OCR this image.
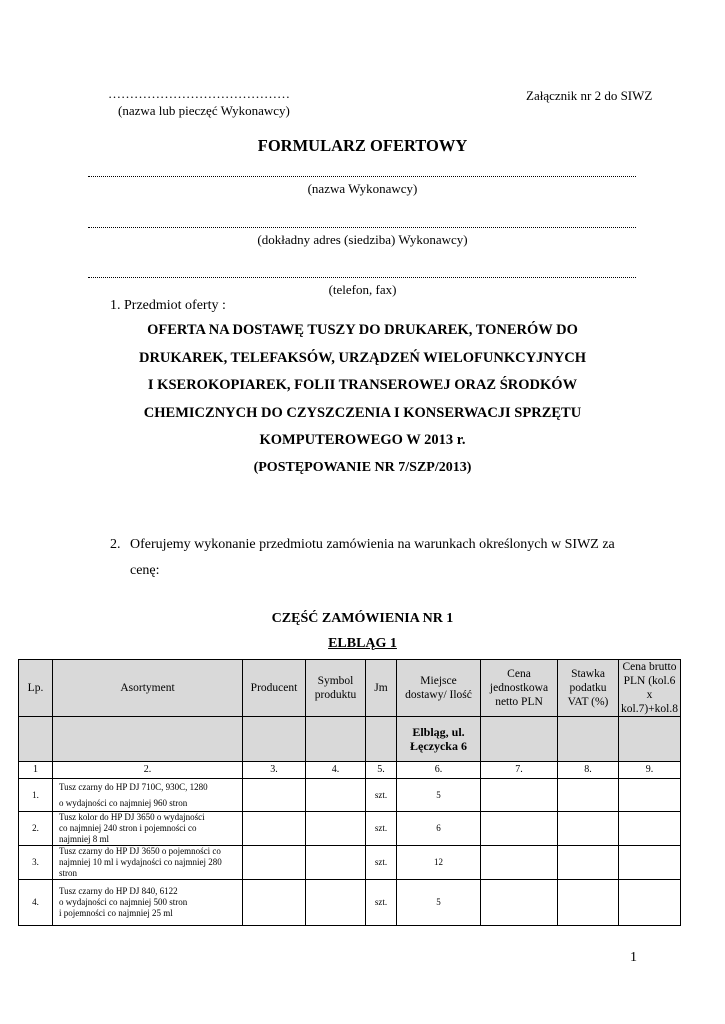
……………………………………
(nazwa lub pieczęć Wykonawcy)
Załącznik nr 2 do SIWZ
FORMULARZ OFERTOWY
(nazwa Wykonawcy)
(dokładny adres (siedziba) Wykonawcy)
(telefon, fax)
1. Przedmiot oferty :
OFERTA NA DOSTAWĘ TUSZY DO DRUKAREK, TONERÓW DO
DRUKAREK, TELEFAKSÓW, URZĄDZEŃ WIELOFUNKCYJNYCH
I KSEROKOPIAREK, FOLII TRANSEROWEJ ORAZ ŚRODKÓW
CHEMICZNYCH DO CZYSZCZENIA I KONSERWACJI SPRZĘTU
KOMPUTEROWEGO W 2013 r.
(POSTĘPOWANIE NR 7/SZP/2013)
2. Oferujemy wykonanie przedmiotu zamówienia na warunkach określonych w SIWZ za
cenę:
CZĘŚĆ ZAMÓWIENIA NR 1
ELBLĄG 1
Lp.	Asortyment	Producent	Symbol produktu	Jm	Miejsce dostawy/ Ilość	Cena jednostkowa netto PLN	Stawka podatku VAT (%)	Cena brutto PLN (kol.6 x kol.7)+kol.8
					Elbląg, ul. Łęczycka 6			
1	2.	3.	4.	5.	6.	7.	8.	9.
1.	Tusz czarny do HP DJ 710C, 930C, 1280
o wydajności co najmniej 960 stron			szt.	5			
2.	Tusz kolor do HP DJ 3650 o wydajności
co najmniej 240 stron i pojemności co
najmniej 8 ml			szt.	6			
3.	Tusz czarny do HP DJ 3650 o pojemności co
najmniej 10 ml i wydajności co najmniej 280
stron			szt.	12			
4.	Tusz czarny do HP DJ 840, 6122
o wydajności co najmniej 500 stron
i pojemności co najmniej 25 ml			szt.	5			
1
